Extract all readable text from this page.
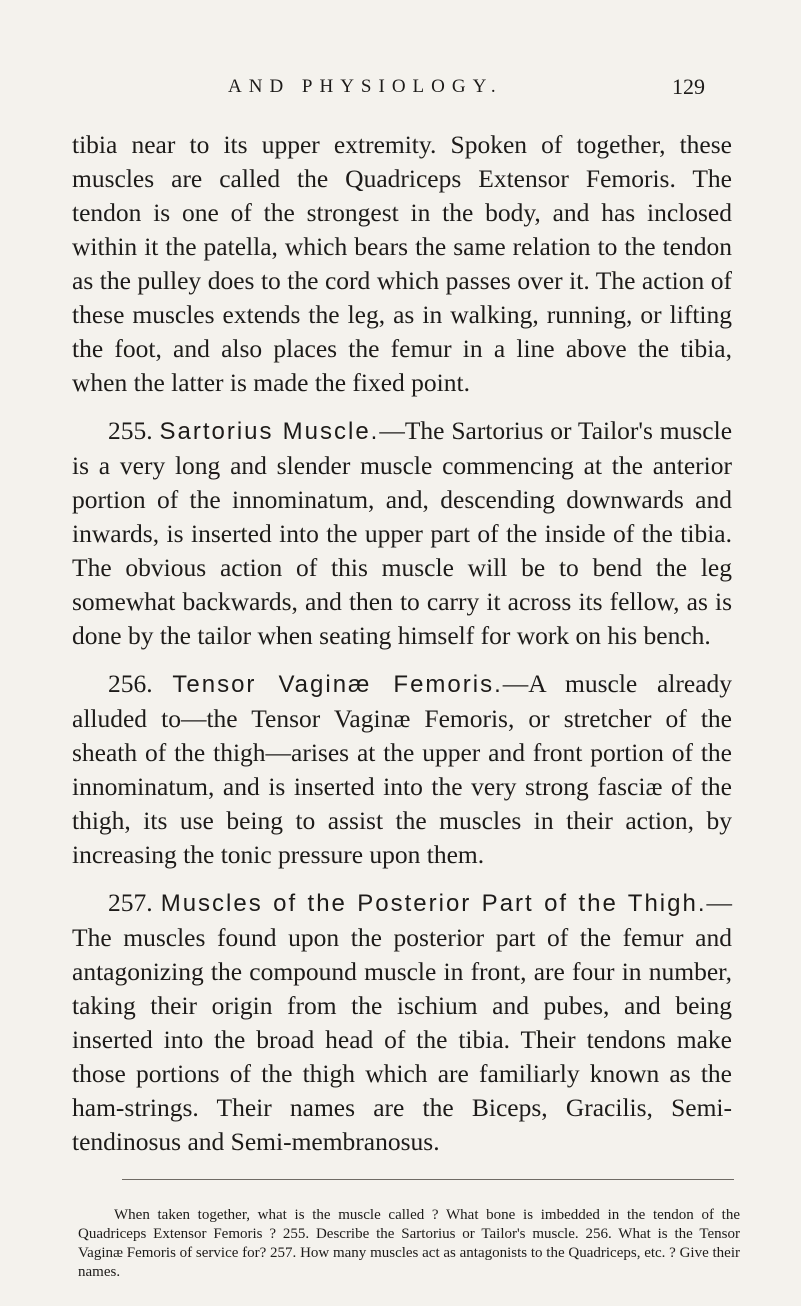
AND PHYSIOLOGY.	129

tibia near to its upper extremity. Spoken of together, these muscles are called the Quadriceps Extensor Femoris. The tendon is one of the strongest in the body, and has inclosed within it the patella, which bears the same relation to the tendon as the pulley does to the cord which passes over it. The action of these muscles extends the leg, as in walking, running, or lifting the foot, and also places the femur in a line above the tibia, when the latter is made the fixed point.

255. Sartorius Muscle.—The Sartorius or Tailor's muscle is a very long and slender muscle commencing at the anterior portion of the innominatum, and, descending downwards and inwards, is inserted into the upper part of the inside of the tibia. The obvious action of this muscle will be to bend the leg somewhat backwards, and then to carry it across its fellow, as is done by the tailor when seating himself for work on his bench.

256. Tensor Vaginæ Femoris.—A muscle already alluded to—the Tensor Vaginæ Femoris, or stretcher of the sheath of the thigh—arises at the upper and front portion of the innominatum, and is inserted into the very strong fasciæ of the thigh, its use being to assist the muscles in their action, by increasing the tonic pressure upon them.

257. Muscles of the Posterior Part of the Thigh.— The muscles found upon the posterior part of the femur and antagonizing the compound muscle in front, are four in number, taking their origin from the ischium and pubes, and being inserted into the broad head of the tibia. Their tendons make those portions of the thigh which are familiarly known as the ham-strings. Their names are the Biceps, Gracilis, Semi-tendinosus and Semi-membranosus.

When taken together, what is the muscle called ? What bone is imbedded in the tendon of the Quadriceps Extensor Femoris ? 255. Describe the Sartorius or Tailor's muscle. 256. What is the Tensor Vaginæ Femoris of service for? 257. How many muscles act as antagonists to the Quadriceps, etc. ? Give their names.
